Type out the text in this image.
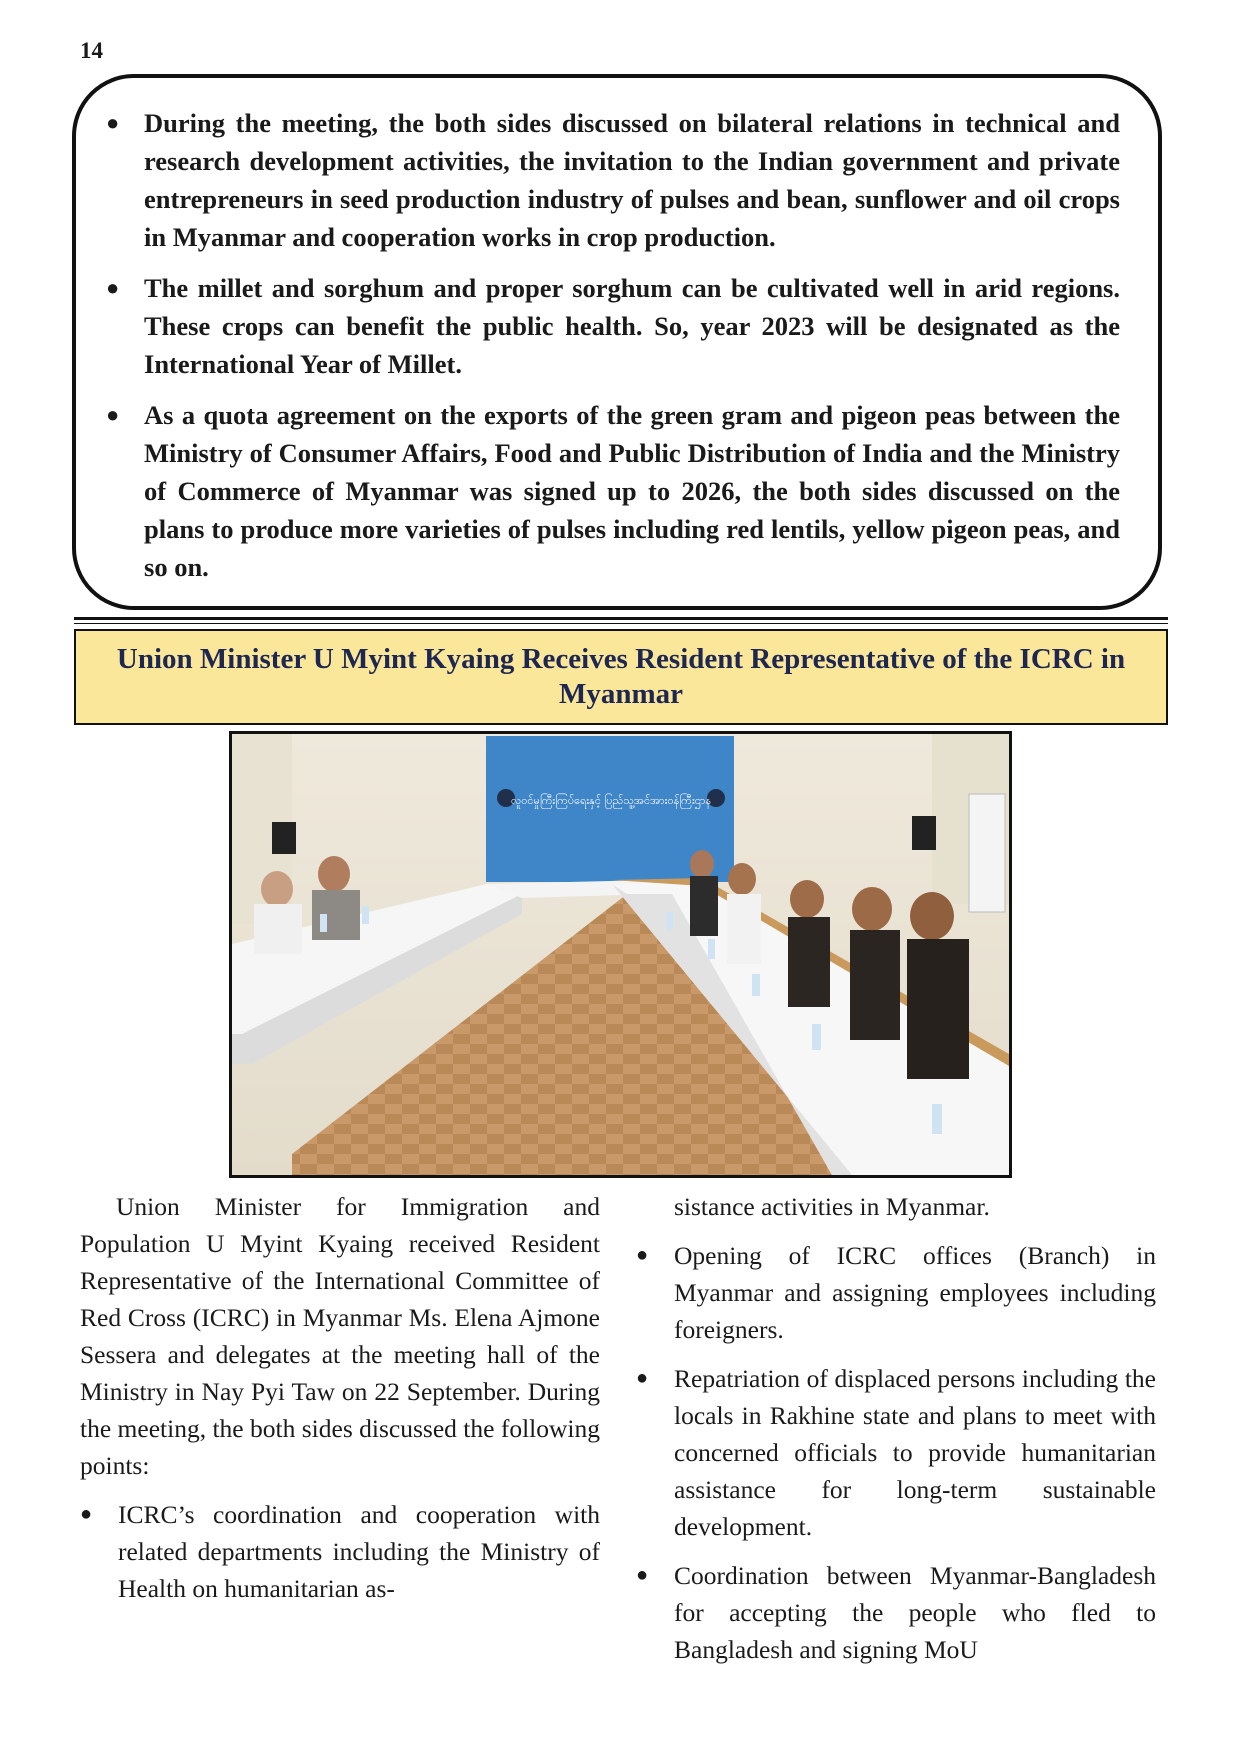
14
● During the meeting, the both sides discussed on bilateral relations in technical and research development activities, the invitation to the Indian government and private entrepreneurs in seed production industry of pulses and bean, sunflower and oil crops in Myanmar and cooperation works in crop production.
● The millet and sorghum and proper sorghum can be cultivated well in arid regions. These crops can benefit the public health. So, year 2023 will be designated as the International Year of Millet.
● As a quota agreement on the exports of the green gram and pigeon peas between the Ministry of Consumer Affairs, Food and Public Distribution of India and the Ministry of Commerce of Myanmar was signed up to 2026, the both sides discussed on the plans to produce more varieties of pulses including red lentils, yellow pigeon peas, and so on.
Union Minister U Myint Kyaing Receives Resident Representative of the ICRC in Myanmar
လူဝင်မှုကြီးကြပ်ရေးနှင့် ပြည်သူ့အင်အားဝန်ကြီးဌာန

Union Minister for Immigration and Population U Myint Kyaing received Resident Representative of the International Committee of Red Cross (ICRC) in Myanmar Ms. Elena Ajmone Sessera and delegates at the meeting hall of the Ministry in Nay Pyi Taw on 22 September. During the meeting, the both sides discussed the following points:

● ICRC’s coordination and cooperation with related departments including the Ministry of Health on humanitarian as-

sistance activities in Myanmar.

● Opening of ICRC offices (Branch) in Myanmar and assigning employees including foreigners.
● Repatriation of displaced persons including the locals in Rakhine state and plans to meet with concerned officials to provide humanitarian assistance for long-term sustainable development.
● Coordination between Myanmar-Bangladesh for accepting the people who fled to Bangladesh and signing MoU
